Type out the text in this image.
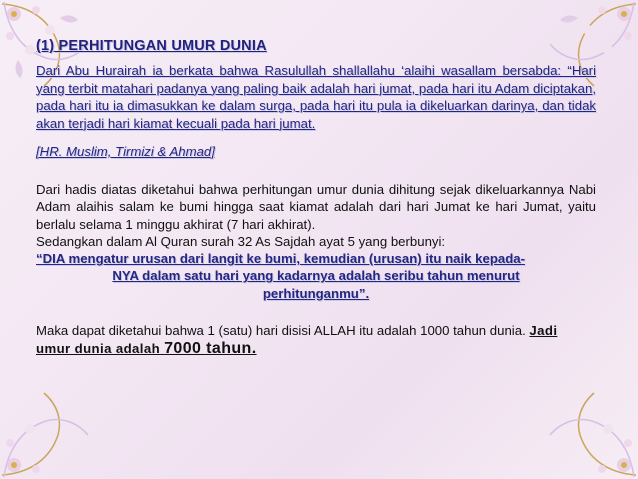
(1) PERHITUNGAN UMUR DUNIA

Dari Abu Hurairah ia berkata bahwa Rasulullah shallallahu ‘alaihi wasallam bersabda: “Hari yang terbit matahari padanya yang paling baik adalah hari jumat, pada hari itu Adam diciptakan, pada hari itu ia dimasukkan ke dalam surga, pada hari itu pula ia dikeluarkan darinya, dan tidak akan terjadi hari kiamat kecuali pada hari jumat.

[HR. Muslim, Tirmizi & Ahmad]

Dari hadis diatas diketahui bahwa perhitungan umur dunia dihitung sejak dikeluarkannya Nabi Adam alaihis salam ke bumi hingga saat kiamat adalah dari hari Jumat ke hari Jumat, yaitu berlalu selama 1 minggu akhirat (7 hari akhirat).
Sedangkan dalam Al Quran surah 32 As Sajdah ayat 5 yang berbunyi:
“DIA mengatur urusan dari langit ke bumi, kemudian (urusan) itu naik kepada-
NYA dalam satu hari yang kadarnya adalah seribu tahun menurut
perhitunganmu”.

Maka dapat diketahui bahwa 1 (satu) hari disisi ALLAH itu adalah 1000 tahun dunia. Jadi umur dunia adalah 7000 tahun.
